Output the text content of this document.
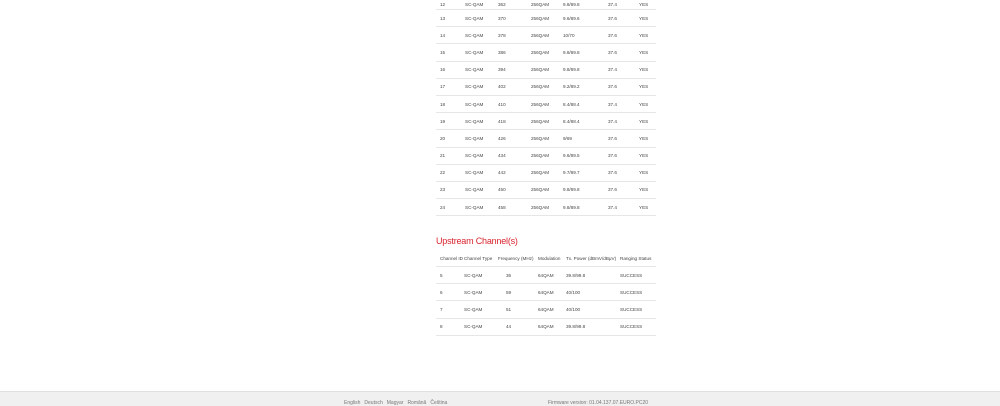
12	SC-QAM	362	256QAM	9.8/89.8	37.4	YES
13	SC-QAM	370	256QAM	9.6/89.6	37.6	YES
14	SC-QAM	378	256QAM	10/70	37.6	YES
15	SC-QAM	386	256QAM	9.8/89.8	37.6	YES
16	SC-QAM	394	256QAM	9.8/89.8	37.4	YES
17	SC-QAM	402	256QAM	9.2/89.2	37.6	YES
18	SC-QAM	410	256QAM	8.4/88.4	37.4	YES
19	SC-QAM	418	256QAM	8.4/88.4	37.4	YES
20	SC-QAM	426	256QAM	9/69	37.6	YES
21	SC-QAM	434	256QAM	9.6/89.5	37.6	YES
22	SC-QAM	442	256QAM	9.7/89.7	37.6	YES
23	SC-QAM	450	256QAM	9.8/89.8	37.6	YES
24	SC-QAM	458	256QAM	9.8/89.8	37.4	YES
Upstream Channel(s)
Channel ID	Channel Type	Frequency (MHz)	Modulation	Tx. Power (dBmV/dBμV)	Ranging Status
5	SC-QAM	36	64QAM	39.8/99.8	SUCCESS
6	SC-QAM	59	64QAM	40/100	SUCCESS
7	SC-QAM	51	64QAM	40/100	SUCCESS
8	SC-QAM	44	64QAM	39.8/99.8	SUCCESS
English Deutsch Magyar Română Čeština	Firmware version: 01.04.137.07.EURO.PC20
